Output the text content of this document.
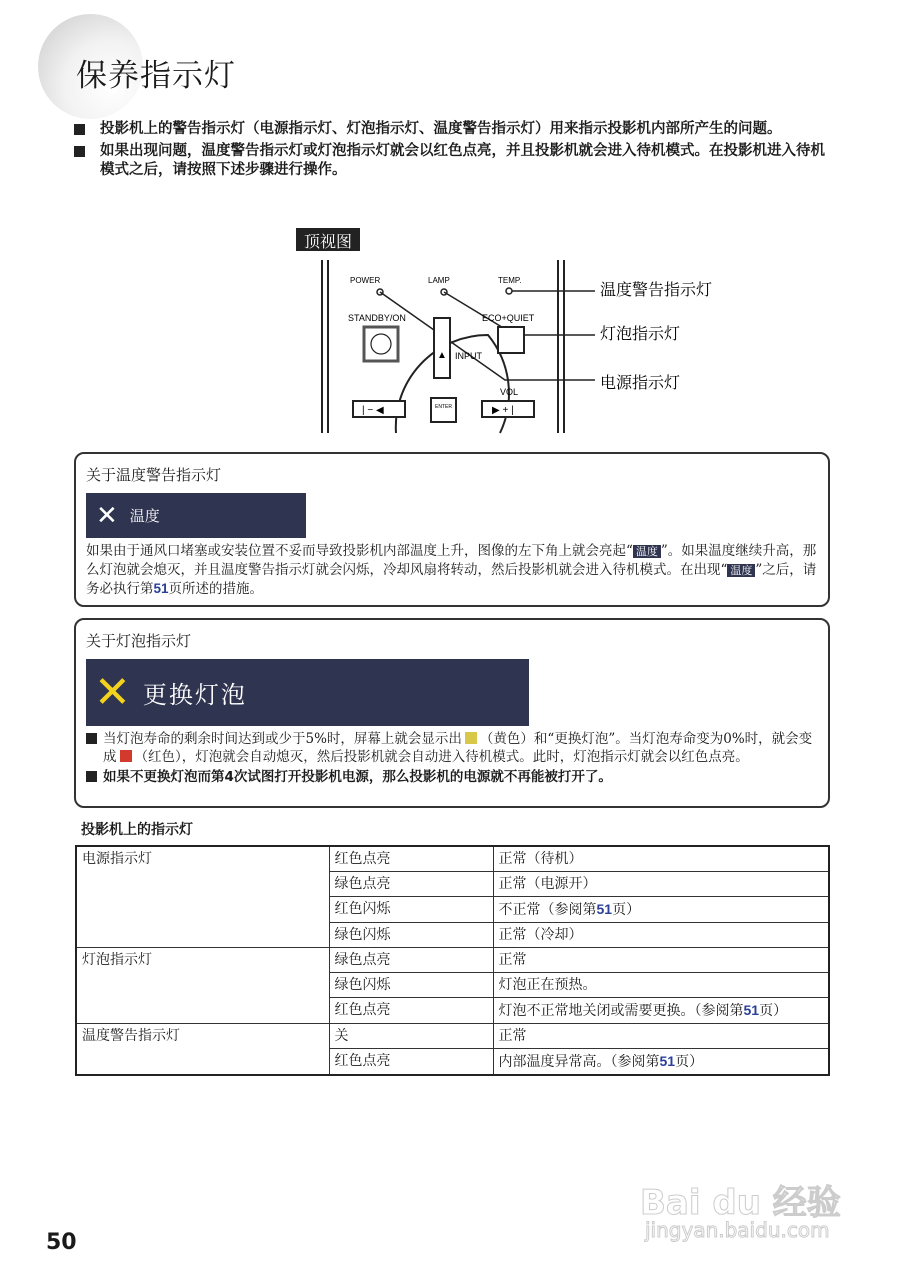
保养指示灯
投影机上的警告指示灯（电源指示灯、灯泡指示灯、温度警告指示灯）用来指示投影机内部所产生的问题。
如果出现问题，温度警告指示灯或灯泡指示灯就会以红色点亮，并且投影机就会进入待机模式。在投影机进入待机模式之后，请按照下述步骤进行操作。
顶视图
POWER	LAMP	TEMP.
STANDBY/ON	ECO+QUIET
▲ INPUT
VOL
| − ◀	ENTER	▶ + |
温度警告指示灯
灯泡指示灯
电源指示灯
关于温度警告指示灯
✕ 温度

如果由于通风口堵塞或安装位置不妥而导致投影机内部温度上升，图像的左下角上就会亮起“ 温度 ”。如果温度继续升高，那么灯泡就会熄灭，并且温度警告指示灯就会闪烁，冷却风扇将转动，然后投影机就会进入待机模式。在出现“ 温度 ”之后，请务必执行第51页所述的措施。

关于灯泡指示灯
✕ 更换灯泡
当灯泡寿命的剩余时间达到或少于5%时，屏幕上就会显示出 （黄色）和“更换灯泡”。当灯泡寿命变为0%时，就会变成 （红色），灯泡就会自动熄灭，然后投影机就会自动进入待机模式。此时，灯泡指示灯就会以红色点亮。
如果不更换灯泡而第4次试图打开投影机电源，那么投影机的电源就不再能被打开了。
投影机上的指示灯
电源指示灯	红色点亮	正常（待机）
	绿色点亮	正常（电源开）
	红色闪烁	不正常（参阅第51页）
	绿色闪烁	正常（冷却）
灯泡指示灯	绿色点亮	正常
	绿色闪烁	灯泡正在预热。
	红色点亮	灯泡不正常地关闭或需要更换。（参阅第51页）
温度警告指示灯	关	正常
	红色点亮	内部温度异常高。（参阅第51页）
50
Bai du 经验
jingyan.baidu.com
